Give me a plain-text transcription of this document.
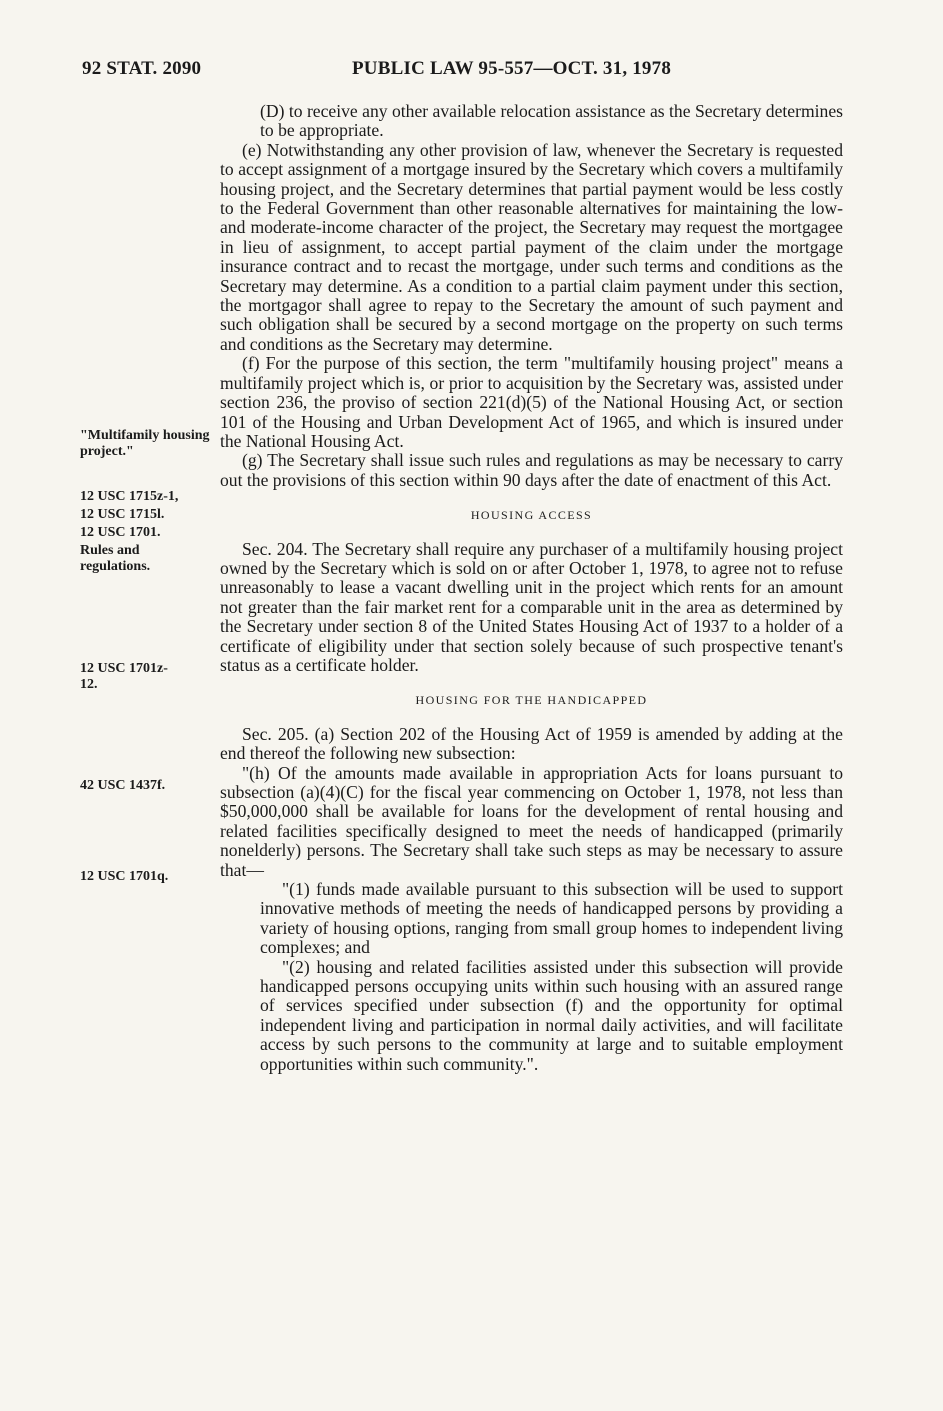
92 STAT. 2090	PUBLIC LAW 95-557—OCT. 31, 1978
"Multifamily housing project."
12 USC 1715z-1,
12 USC 1715l.
12 USC 1701.
Rules and regulations.
12 USC 1701z-12.
42 USC 1437f.
12 USC 1701q.

(D) to receive any other available relocation assistance as the Secretary determines to be appropriate.

(e) Notwithstanding any other provision of law, whenever the Secretary is requested to accept assignment of a mortgage insured by the Secretary which covers a multifamily housing project, and the Secretary determines that partial payment would be less costly to the Federal Government than other reasonable alternatives for maintaining the low- and moderate-income character of the project, the Secretary may request the mortgagee in lieu of assignment, to accept partial payment of the claim under the mortgage insurance contract and to recast the mortgage, under such terms and conditions as the Secretary may determine. As a condition to a partial claim payment under this section, the mortgagor shall agree to repay to the Secretary the amount of such payment and such obligation shall be secured by a second mortgage on the property on such terms and conditions as the Secretary may determine.

(f) For the purpose of this section, the term "multifamily housing project" means a multifamily project which is, or prior to acquisition by the Secretary was, assisted under section 236, the proviso of section 221(d)(5) of the National Housing Act, or section 101 of the Housing and Urban Development Act of 1965, and which is insured under the National Housing Act.

(g) The Secretary shall issue such rules and regulations as may be necessary to carry out the provisions of this section within 90 days after the date of enactment of this Act.

HOUSING ACCESS

Sec. 204. The Secretary shall require any purchaser of a multifamily housing project owned by the Secretary which is sold on or after October 1, 1978, to agree not to refuse unreasonably to lease a vacant dwelling unit in the project which rents for an amount not greater than the fair market rent for a comparable unit in the area as determined by the Secretary under section 8 of the United States Housing Act of 1937 to a holder of a certificate of eligibility under that section solely because of such prospective tenant's status as a certificate holder.

HOUSING FOR THE HANDICAPPED

Sec. 205. (a) Section 202 of the Housing Act of 1959 is amended by adding at the end thereof the following new subsection:

"(h) Of the amounts made available in appropriation Acts for loans pursuant to subsection (a)(4)(C) for the fiscal year commencing on October 1, 1978, not less than $50,000,000 shall be available for loans for the development of rental housing and related facilities specifically designed to meet the needs of handicapped (primarily nonelderly) persons. The Secretary shall take such steps as may be necessary to assure that—

"(1) funds made available pursuant to this subsection will be used to support innovative methods of meeting the needs of handicapped persons by providing a variety of housing options, ranging from small group homes to independent living complexes; and

"(2) housing and related facilities assisted under this subsection will provide handicapped persons occupying units within such housing with an assured range of services specified under subsection (f) and the opportunity for optimal independent living and participation in normal daily activities, and will facilitate access by such persons to the community at large and to suitable employment opportunities within such community.".
